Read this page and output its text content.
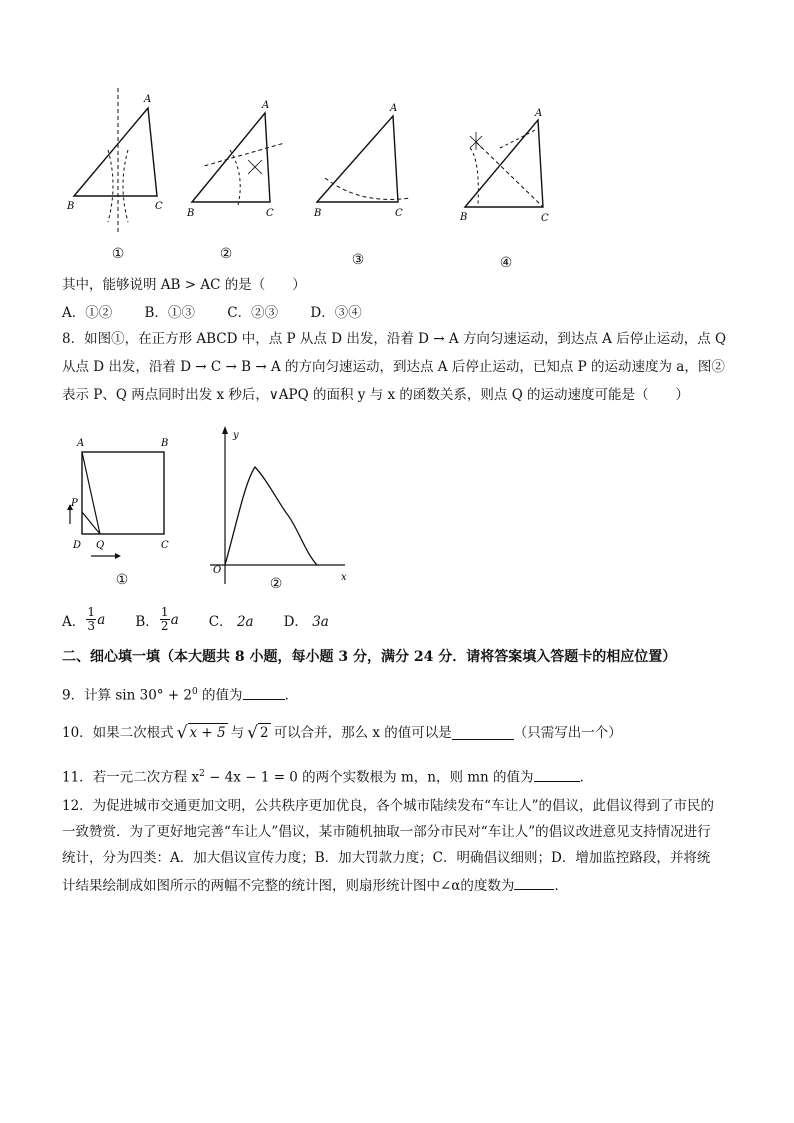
A
B	C
A
B	C
A
B	C
A
B	C
①	②	③	④
其中，能够说明 AB > AC 的是（　　）
A．①② B．①③ C．②③ D．③④
8．如图①，在正方形 ABCD 中，点 P 从点 D 出发，沿着 D → A 方向匀速运动，到达点 A 后停止运动，点 Q
从点 D 出发，沿着 D → C → B → A 的方向匀速运动，到达点 A 后停止运动，已知点 P 的运动速度为 a，图②
表示 P、Q 两点同时出发 x 秒后，∨APQ 的面积 y 与 x 的函数关系，则点 Q 的运动速度可能是（　　）
A	B
C
D
P
Q
y
O
x
①	②
A． $\frac{1}{3}$ a B． $\frac{1}{2}$ a C． 2a D． 3a
二、细心填一填（本大题共 8 小题，每小题 3 分，满分 24 分．请将答案填入答题卡的相应位置）
9．计算 $\sin 30^\circ + 2^0$ 的值为	．
10．如果二次根式 √ x + 5 与 √ 2 可以合并，那么 x 的值可以是	（只需写出一个）
11．若一元二次方程 $x^2 - 4x - 1 = 0$ 的两个实数根为 m，n，则 mn 的值为	．
12．为促进城市交通更加文明，公共秩序更加优良，各个城市陆续发布“车让人”的倡议，此倡议得到了市民的
一致赞赏．为了更好地完善“车让人”倡议，某市随机抽取一部分市民对“车让人”的倡议改进意见支持情况进行
统计，分为四类：A．加大倡议宣传力度；B．加大罚款力度；C．明确倡议细则；D．增加监控路段，并将统
计结果绘制成如图所示的两幅不完整的统计图，则扇形统计图中∠α的度数为	．
